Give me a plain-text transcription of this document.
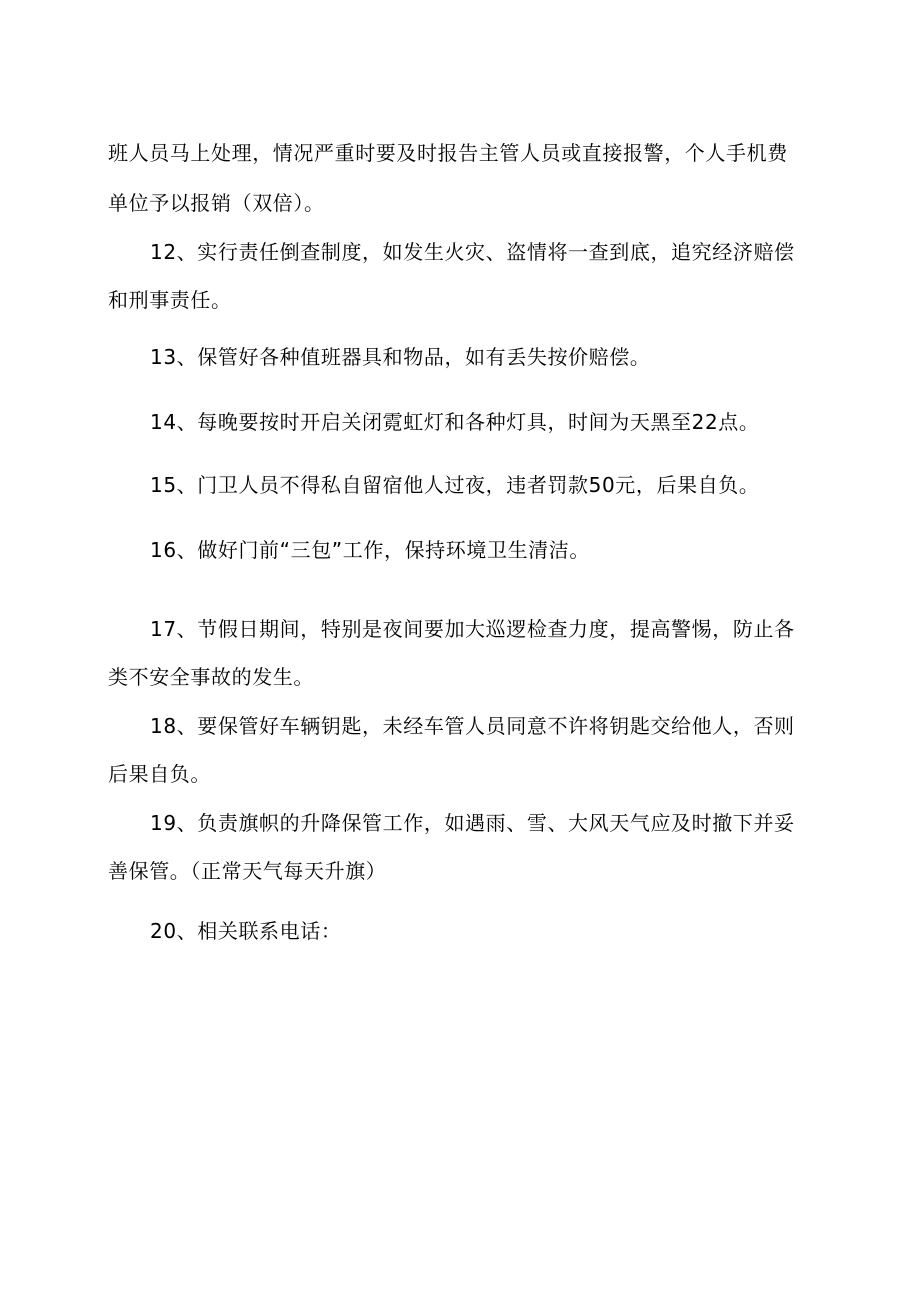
班人员马上处理，情况严重时要及时报告主管人员或直接报警，个人手机费
单位予以报销（双倍）。
12、实行责任倒查制度，如发生火灾、盗情将一查到底，追究经济赔偿
和刑事责任。
13、保管好各种值班器具和物品，如有丢失按价赔偿。
14、每晚要按时开启关闭霓虹灯和各种灯具，时间为天黑至22点。
15、门卫人员不得私自留宿他人过夜，违者罚款50元，后果自负。
16、做好门前“三包”工作，保持环境卫生清洁。
17、节假日期间，特别是夜间要加大巡逻检查力度，提高警惕，防止各
类不安全事故的发生。
18、要保管好车辆钥匙，未经车管人员同意不许将钥匙交给他人，否则
后果自负。
19、负责旗帜的升降保管工作，如遇雨、雪、大风天气应及时撤下并妥
善保管。（正常天气每天升旗）
20、相关联系电话：
